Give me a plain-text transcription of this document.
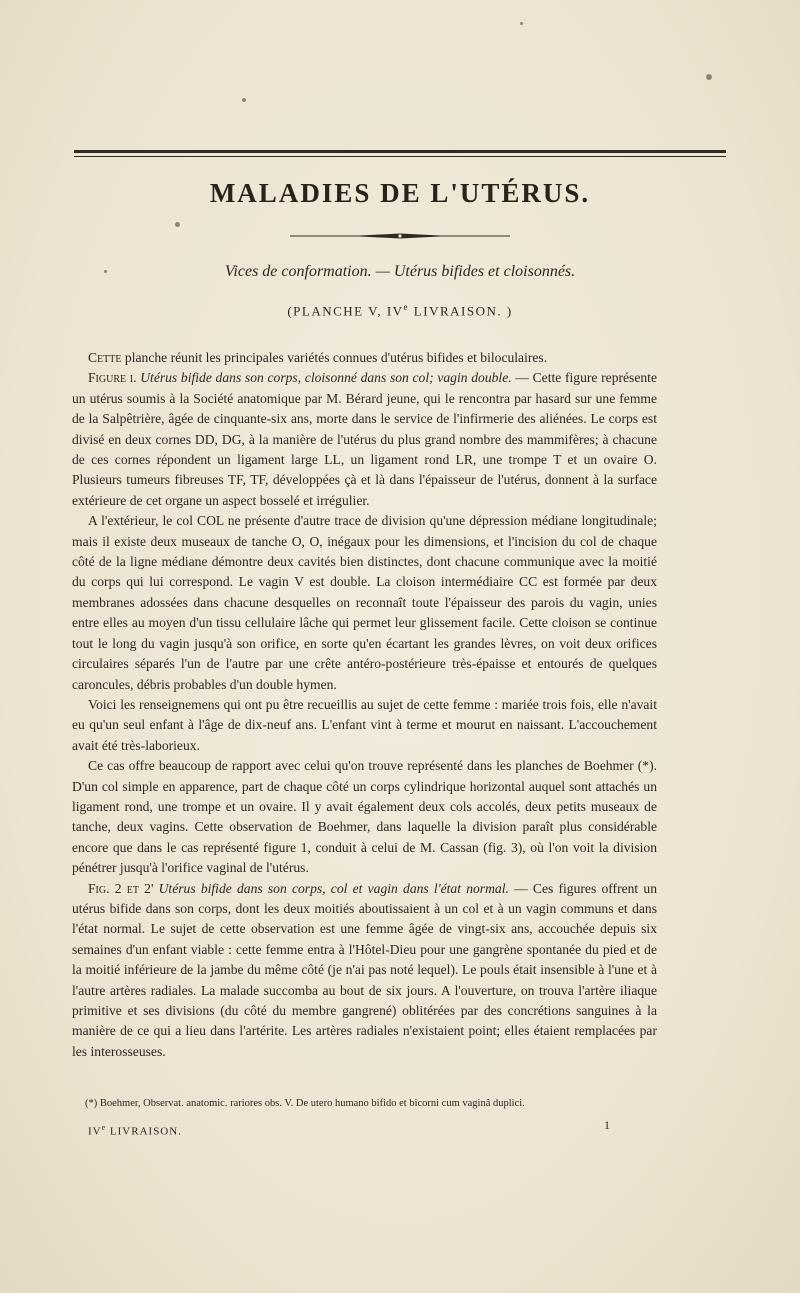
MALADIES DE L'UTÉRUS.
Vices de conformation. — Utérus bifides et cloisonnés.
(PLANCHE V, IVe LIVRAISON. )

Cette planche réunit les principales variétés connues d'utérus bifides et biloculaires.

Figure i. Utérus bifide dans son corps, cloisonné dans son col; vagin double. — Cette figure représente un utérus soumis à la Société anatomique par M. Bérard jeune, qui le rencontra par hasard sur une femme de la Salpêtrière, âgée de cinquante-six ans, morte dans le service de l'infirmerie des aliénées. Le corps est divisé en deux cornes DD, DG, à la manière de l'utérus du plus grand nombre des mammifères; à chacune de ces cornes répondent un ligament large LL, un ligament rond LR, une trompe T et un ovaire O. Plusieurs tumeurs fibreuses TF, TF, développées çà et là dans l'épaisseur de l'utérus, donnent à la surface extérieure de cet organe un aspect bosselé et irrégulier.

A l'extérieur, le col COL ne présente d'autre trace de division qu'une dépression médiane longitudinale; mais il existe deux museaux de tanche O, O, inégaux pour les dimensions, et l'incision du col de chaque côté de la ligne médiane démontre deux cavités bien distinctes, dont chacune communique avec la moitié du corps qui lui correspond. Le vagin V est double. La cloison intermédiaire CC est formée par deux membranes adossées dans chacune desquelles on reconnaît toute l'épaisseur des parois du vagin, unies entre elles au moyen d'un tissu cellulaire lâche qui permet leur glissement facile. Cette cloison se continue tout le long du vagin jusqu'à son orifice, en sorte qu'en écartant les grandes lèvres, on voit deux orifices circulaires séparés l'un de l'autre par une crête antéro-postérieure très-épaisse et entourés de quelques caroncules, débris probables d'un double hymen.

Voici les renseignemens qui ont pu être recueillis au sujet de cette femme : mariée trois fois, elle n'avait eu qu'un seul enfant à l'âge de dix-neuf ans. L'enfant vint à terme et mourut en naissant. L'accouchement avait été très-laborieux.

Ce cas offre beaucoup de rapport avec celui qu'on trouve représenté dans les planches de Boehmer (*). D'un col simple en apparence, part de chaque côté un corps cylindrique horizontal auquel sont attachés un ligament rond, une trompe et un ovaire. Il y avait également deux cols accolés, deux petits museaux de tanche, deux vagins. Cette observation de Boehmer, dans laquelle la division paraît plus considérable encore que dans le cas représenté figure 1, conduit à celui de M. Cassan (fig. 3), où l'on voit la division pénétrer jusqu'à l'orifice vaginal de l'utérus.

Fig. 2 et 2' Utérus bifide dans son corps, col et vagin dans l'état normal. — Ces figures offrent un utérus bifide dans son corps, dont les deux moitiés aboutissaient à un col et à un vagin communs et dans l'état normal. Le sujet de cette observation est une femme âgée de vingt-six ans, accouchée depuis six semaines d'un enfant viable : cette femme entra à l'Hôtel-Dieu pour une gangrène spontanée du pied et de la moitié inférieure de la jambe du même côté (je n'ai pas noté lequel). Le pouls était insensible à l'une et à l'autre artères radiales. La malade succomba au bout de six jours. A l'ouverture, on trouva l'artère iliaque primitive et ses divisions (du côté du membre gangrené) oblitérées par des concrétions sanguines à la manière de ce qui a lieu dans l'artérite. Les artères radiales n'existaient point; elles étaient remplacées par les interosseuses.

(*) Boehmer, Observat. anatomic. rariores obs. V. De utero humano bifido et bicorni cum vaginâ duplici.
IVe LIVRAISON.	1
